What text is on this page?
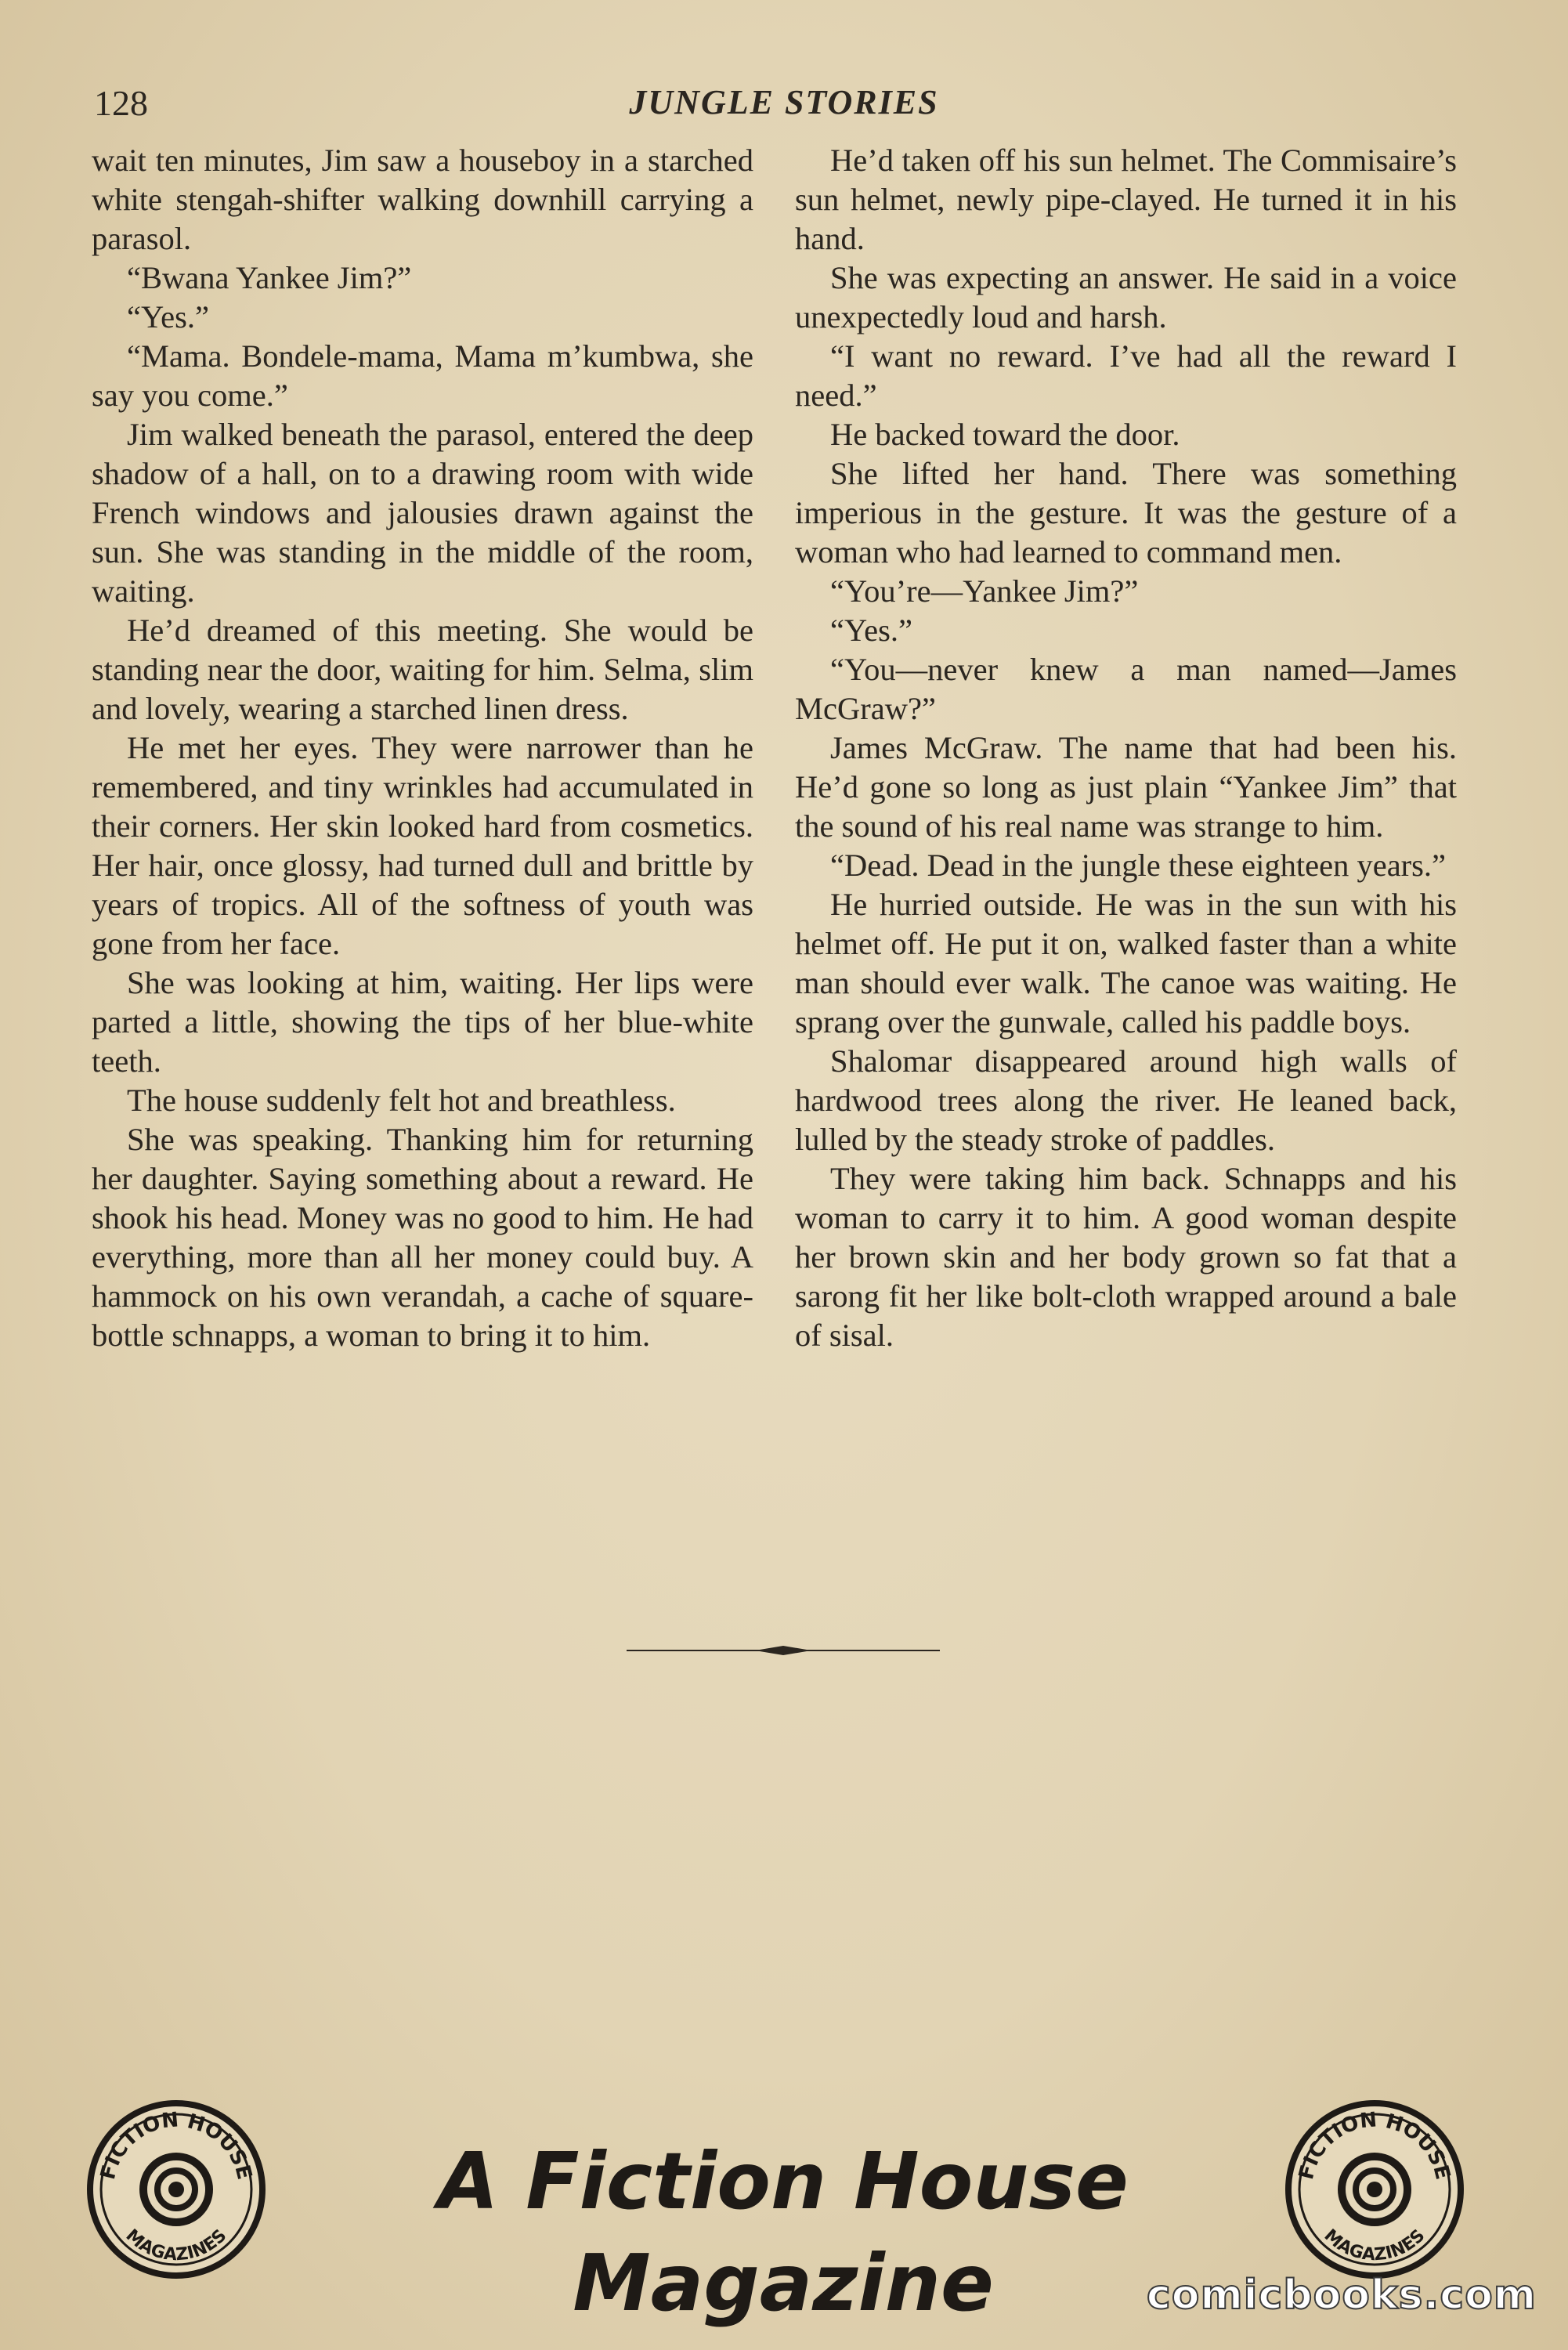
128	JUNGLE STORIES

wait ten minutes, Jim saw a houseboy in a starched white stengah-shifter walking downhill carrying a parasol.

“Bwana Yankee Jim?”

“Yes.”

“Mama. Bondele-mama, Mama m’kumbwa, she say you come.”

Jim walked beneath the parasol, entered the deep shadow of a hall, on to a drawing room with wide French windows and jalousies drawn against the sun. She was standing in the middle of the room, waiting.

He’d dreamed of this meeting. She would be standing near the door, waiting for him. Selma, slim and lovely, wearing a starched linen dress.

He met her eyes. They were narrower than he remembered, and tiny wrinkles had accumulated in their corners. Her skin looked hard from cosmetics. Her hair, once glossy, had turned dull and brittle by years of tropics. All of the softness of youth was gone from her face.

She was looking at him, waiting. Her lips were parted a little, showing the tips of her blue-white teeth.

The house suddenly felt hot and breathless.

She was speaking. Thanking him for returning her daughter. Saying something about a reward. He shook his head. Money was no good to him. He had everything, more than all her money could buy. A hammock on his own verandah, a cache of square-bottle schnapps, a woman to bring it to him.

He’d taken off his sun helmet. The Commisaire’s sun helmet, newly pipe-clayed. He turned it in his hand.

She was expecting an answer. He said in a voice unexpectedly loud and harsh.

“I want no reward. I’ve had all the reward I need.”

He backed toward the door.

She lifted her hand. There was something imperious in the gesture. It was the gesture of a woman who had learned to command men.

“You’re—Yankee Jim?”

“Yes.”

“You—never knew a man named—James McGraw?”

James McGraw. The name that had been his. He’d gone so long as just plain “Yankee Jim” that the sound of his real name was strange to him.

“Dead. Dead in the jungle these eighteen years.”

He hurried outside. He was in the sun with his helmet off. He put it on, walked faster than a white man should ever walk. The canoe was waiting. He sprang over the gunwale, called his paddle boys.

Shalomar disappeared around high walls of hardwood trees along the river. He leaned back, lulled by the steady stroke of paddles.

They were taking him back. Schnapps and his woman to carry it to him. A good woman despite her brown skin and her body grown so fat that a sarong fit her like bolt-cloth wrapped around a bale of sisal.

FICTION HOUSE
MAGAZINES
A Fiction House Magazine
FICTION HOUSE
MAGAZINES
comicbooks.com
